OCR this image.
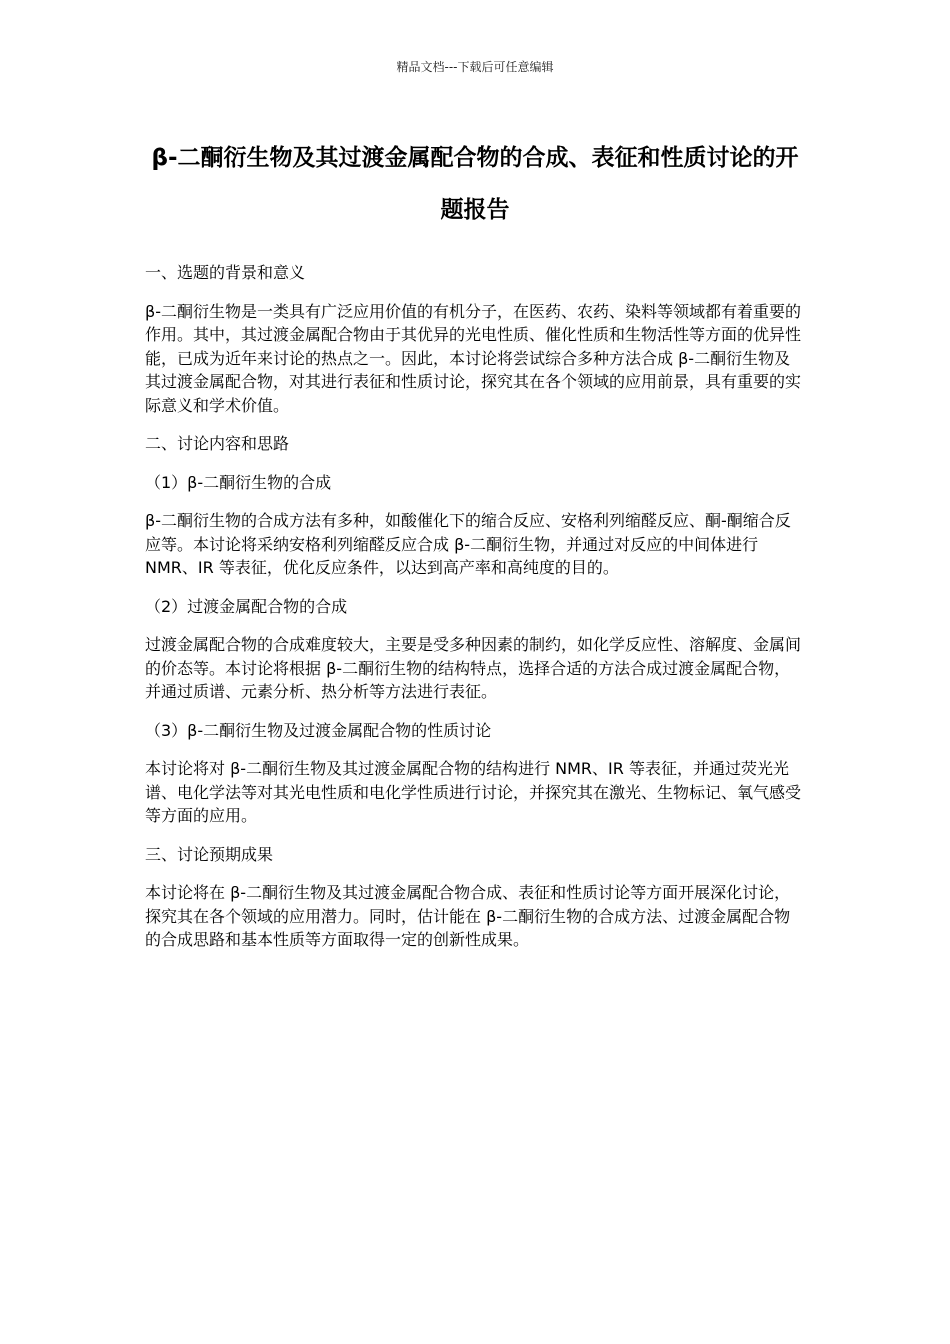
精品文档---下载后可任意编辑
β-二酮衍生物及其过渡金属配合物的合成、表征和性质讨论的开题报告

一、选题的背景和意义

β-二酮衍生物是一类具有广泛应用价值的有机分子，在医药、农药、染料等领域都有着重要的作用。其中，其过渡金属配合物由于其优异的光电性质、催化性质和生物活性等方面的优异性能，已成为近年来讨论的热点之一。因此，本讨论将尝试综合多种方法合成 β-二酮衍生物及其过渡金属配合物，对其进行表征和性质讨论，探究其在各个领域的应用前景，具有重要的实际意义和学术价值。

二、讨论内容和思路

（1）β-二酮衍生物的合成

β-二酮衍生物的合成方法有多种，如酸催化下的缩合反应、安格利列缩醛反应、酮-酮缩合反应等。本讨论将采纳安格利列缩醛反应合成 β-二酮衍生物，并通过对反应的中间体进行 NMR、IR 等表征，优化反应条件，以达到高产率和高纯度的目的。

（2）过渡金属配合物的合成

过渡金属配合物的合成难度较大，主要是受多种因素的制约，如化学反应性、溶解度、金属间的价态等。本讨论将根据 β-二酮衍生物的结构特点，选择合适的方法合成过渡金属配合物，并通过质谱、元素分析、热分析等方法进行表征。

（3）β-二酮衍生物及过渡金属配合物的性质讨论

本讨论将对 β-二酮衍生物及其过渡金属配合物的结构进行 NMR、IR 等表征，并通过荧光光谱、电化学法等对其光电性质和电化学性质进行讨论，并探究其在激光、生物标记、氧气感受等方面的应用。

三、讨论预期成果

本讨论将在 β-二酮衍生物及其过渡金属配合物合成、表征和性质讨论等方面开展深化讨论，探究其在各个领域的应用潜力。同时，估计能在 β-二酮衍生物的合成方法、过渡金属配合物的合成思路和基本性质等方面取得一定的创新性成果。
